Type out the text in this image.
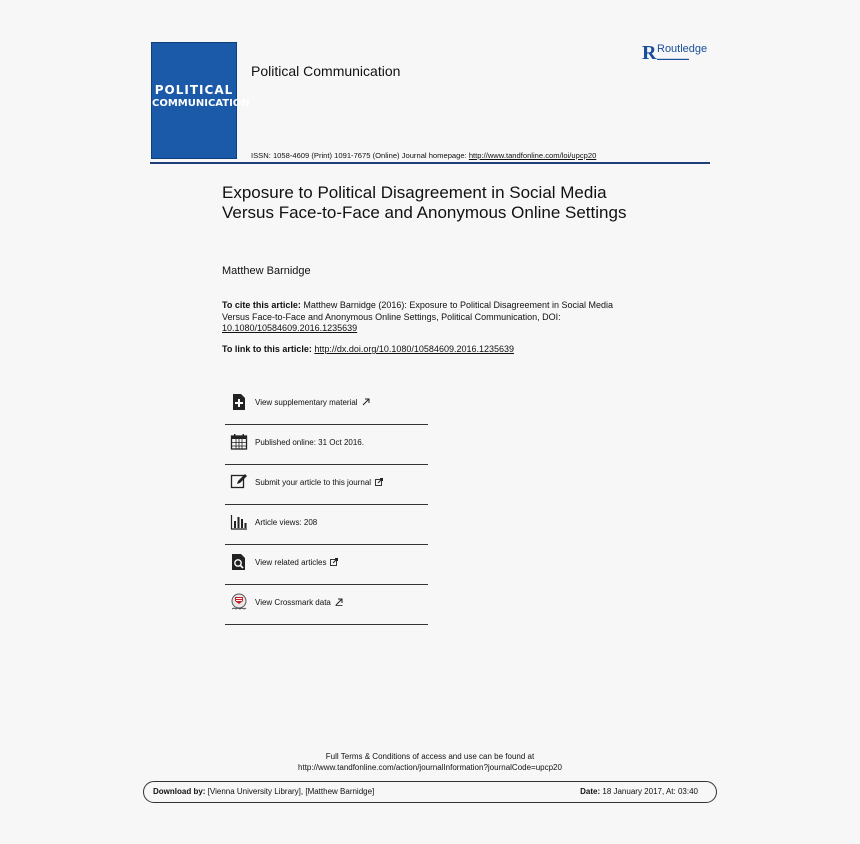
POLITICAL
COMMUNICATION
Political Communication
R Routledge
▬▬▬▬▬▬▬▬
ISSN: 1058-4609 (Print) 1091-7675 (Online) Journal homepage: http://www.tandfonline.com/loi/upcp20
Exposure to Political Disagreement in Social Media Versus Face-to-Face and Anonymous Online Settings
Matthew Barnidge
To cite this article: Matthew Barnidge (2016): Exposure to Political Disagreement in Social Media Versus Face-to-Face and Anonymous Online Settings, Political Communication, DOI: 10.1080/10584609.2016.1235639
To link to this article: http://dx.doi.org/10.1080/10584609.2016.1235639
View supplementary material
Published online: 31 Oct 2016.
Submit your article to this journal
Article views: 208
View related articles
View Crossmark data
Full Terms & Conditions of access and use can be found at
http://www.tandfonline.com/action/journalInformation?journalCode=upcp20
Download by: [Vienna University Library], [Matthew Barnidge]	Date: 18 January 2017, At: 03:40
